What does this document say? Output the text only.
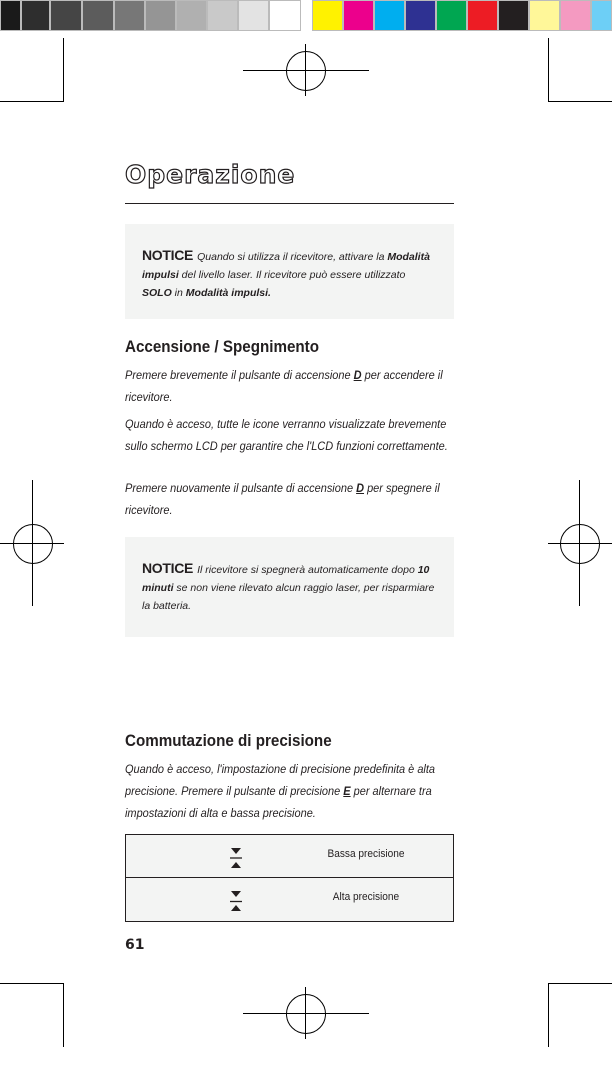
Operazione
NOTICE Quando si utilizza il ricevitore, attivare la Modalità impulsi del livello laser. Il ricevitore può essere utilizzato SOLO in Modalità impulsi.
Accensione / Spegnimento
Premere brevemente il pulsante di accensione D per accendere il ricevitore.
Quando è acceso, tutte le icone verranno visualizzate brevemente sullo schermo LCD per garantire che l'LCD funzioni correttamente.
Premere nuovamente il pulsante di accensione D per spegnere il ricevitore.
NOTICE Il ricevitore si spegnerà automaticamente dopo 10 minuti se non viene rilevato alcun raggio laser, per risparmiare la batteria.
Commutazione di precisione
Quando è acceso, l'impostazione di precisione predefinita è alta precisione. Premere il pulsante di precisione E per alternare tra impostazioni di alta e bassa precisione.
Bassa precisione
Alta precisione
61
